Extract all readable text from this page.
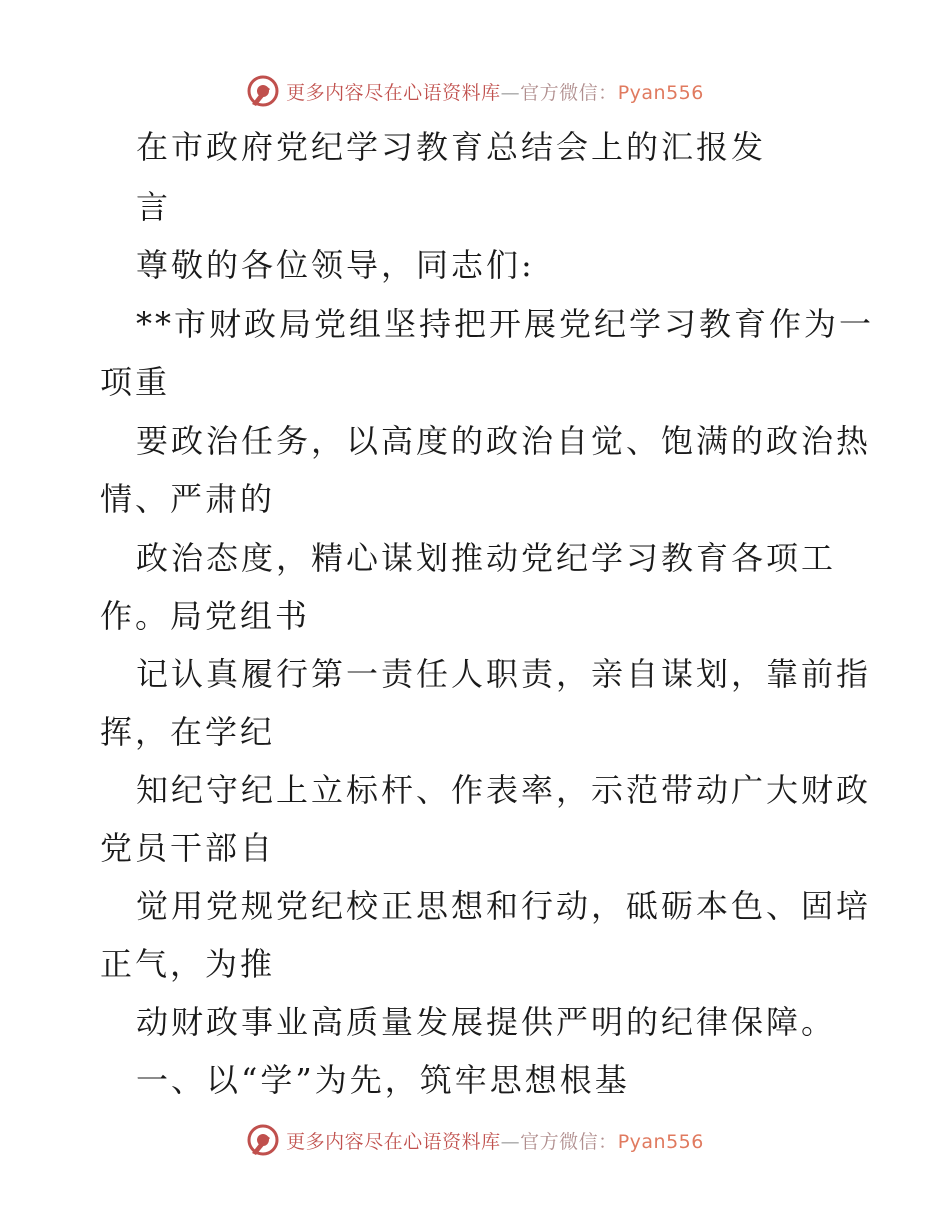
更多内容尽在心语资料库—官方微信：Pyan556
在市政府党纪学习教育总结会上的汇报发
言
尊敬的各位领导，同志们:
**市财政局党组坚持把开展党纪学习教育作为一
项重
要政治任务，以高度的政治自觉、饱满的政治热
情、严肃的
政治态度，精心谋划推动党纪学习教育各项工
作。局党组书
记认真履行第一责任人职责，亲自谋划，靠前指
挥，在学纪
知纪守纪上立标杆、作表率，示范带动广大财政
党员干部自
觉用党规党纪校正思想和行动，砥砺本色、固培
正气，为推
动财政事业高质量发展提供严明的纪律保障。
一、以“学”为先，筑牢思想根基
更多内容尽在心语资料库—官方微信：Pyan556
